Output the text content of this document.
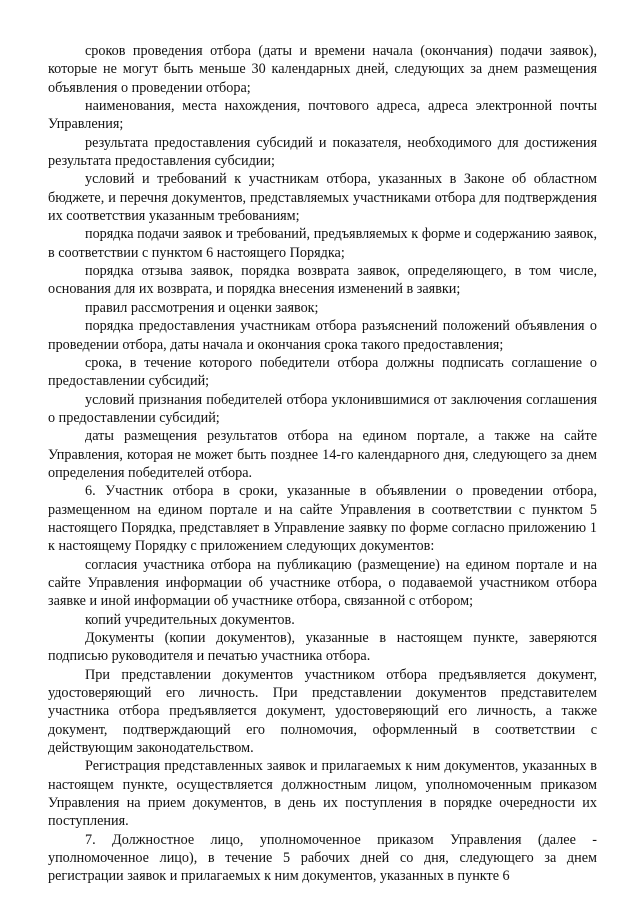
сроков проведения отбора (даты и времени начала (окончания) подачи заявок), которые не могут быть меньше 30 календарных дней, следующих за днем размещения объявления о проведении отбора;

наименования, места нахождения, почтового адреса, адреса электронной почты Управления;

результата предоставления субсидий и показателя, необходимого для достижения результата предоставления субсидии;

условий и требований к участникам отбора, указанных в Законе об областном бюджете, и перечня документов, представляемых участниками отбора для подтверждения их соответствия указанным требованиям;

порядка подачи заявок и требований, предъявляемых к форме и содержанию заявок, в соответствии с пунктом 6 настоящего Порядка;

порядка отзыва заявок, порядка возврата заявок, определяющего, в том числе, основания для их возврата, и порядка внесения изменений в заявки;

правил рассмотрения и оценки заявок;

порядка предоставления участникам отбора разъяснений положений объявления о проведении отбора, даты начала и окончания срока такого предоставления;

срока, в течение которого победители отбора должны подписать соглашение о предоставлении субсидий;

условий признания победителей отбора уклонившимися от заключения соглашения о предоставлении субсидий;

даты размещения результатов отбора на едином портале, а также на сайте Управления, которая не может быть позднее 14-го календарного дня, следующего за днем определения победителей отбора.

6. Участник отбора в сроки, указанные в объявлении о проведении отбора, размещенном на едином портале и на сайте Управления в соответствии с пунктом 5 настоящего Порядка, представляет в Управление заявку по форме согласно приложению 1 к настоящему Порядку с приложением следующих документов:

согласия участника отбора на публикацию (размещение) на едином портале и на сайте Управления информации об участнике отбора, о подаваемой участником отбора заявке и иной информации об участнике отбора, связанной с отбором;

копий учредительных документов.

Документы (копии документов), указанные в настоящем пункте, заверяются подписью руководителя и печатью участника отбора.

При представлении документов участником отбора предъявляется документ, удостоверяющий его личность. При представлении документов представителем участника отбора предъявляется документ, удостоверяющий его личность, а также документ, подтверждающий его полномочия, оформленный в соответствии с действующим законодательством.

Регистрация представленных заявок и прилагаемых к ним документов, указанных в настоящем пункте, осуществляется должностным лицом, уполномоченным приказом Управления на прием документов, в день их поступления в порядке очередности их поступления.

7. Должностное лицо, уполномоченное приказом Управления (далее - уполномоченное лицо), в течение 5 рабочих дней со дня, следующего за днем регистрации заявок и прилагаемых к ним документов, указанных в пункте 6
